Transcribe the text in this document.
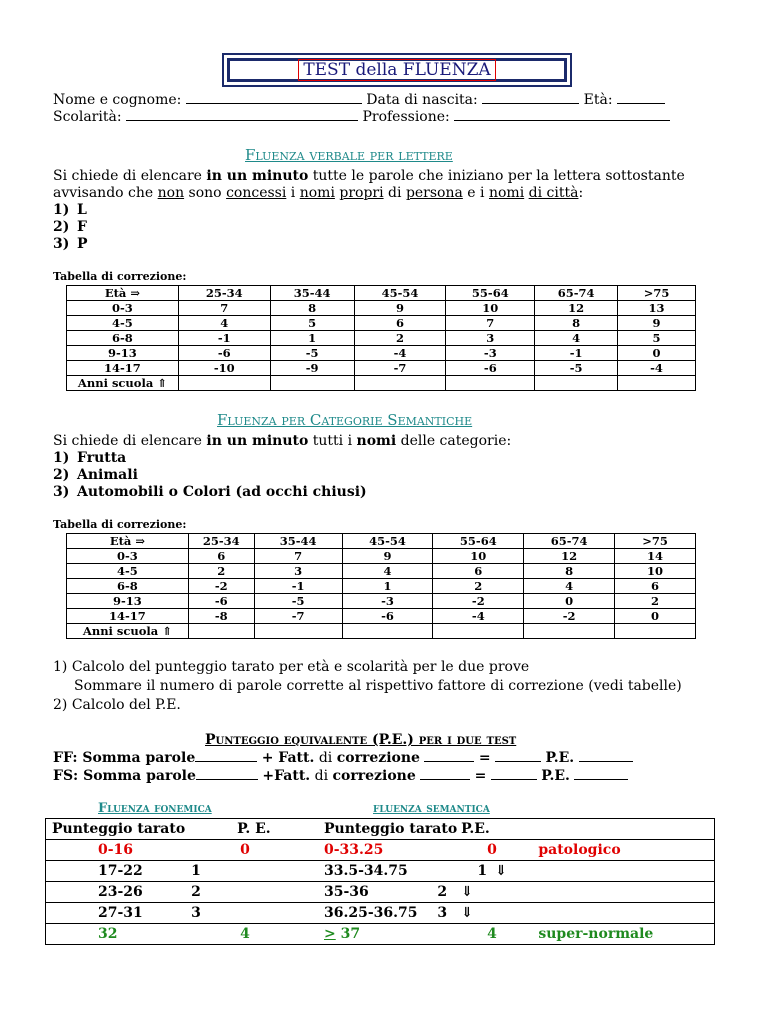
TEST della FLUENZA
Nome e cognome:	Data di nascita:	Età:
Scolarità:	Professione:
Fluenza verbale per lettere
Si chiede di elencare in un minuto tutte le parole che iniziano per la lettera sottostante
avvisando che non sono concessi i nomi propri di persona e i nomi di città:
1) L
2) F
3) P
Tabella di correzione:
Età ⇒	25-34	35-44	45-54	55-64	65-74	>75
0-3	7	8	9	10	12	13
4-5	4	5	6	7	8	9
6-8	-1	1	2	3	4	5
9-13	-6	-5	-4	-3	-1	0
14-17	-10	-9	-7	-6	-5	-4
Anni scuola ⇑						
Fluenza per Categorie Semantiche
Si chiede di elencare in un minuto tutti i nomi delle categorie:
1) Frutta
2) Animali
3) Automobili o Colori (ad occhi chiusi)
Tabella di correzione:
Età ⇒	25-34	35-44	45-54	55-64	65-74	>75
0-3	6	7	9	10	12	14
4-5	2	3	4	6	8	10
6-8	-2	-1	1	2	4	6
9-13	-6	-5	-3	-2	0	2
14-17	-8	-7	-6	-4	-2	0
Anni scuola ⇑						
1) Calcolo del punteggio tarato per età e scolarità per le due prove
Sommare il numero di parole corrette al rispettivo fattore di correzione (vedi tabelle)
2) Calcolo del P.E.
Punteggio equivalente (P.E.) per i due test
FF: Somma parole	+ Fatt. di correzione	=	P.E.
FS: Somma parole	+Fatt. di correzione	=	P.E.
Fluenza fonemica	fluenza semantica
Punteggio tarato	P. E.	Punteggio tarato	P.E.	
0-16	0	0-33.25	0	patologico
17-22	1	33.5-34.75	1 ⇓	
23-26	2	35-36	2 ⇓	
27-31	3	36.25-36.75	3 ⇓	
32	4	≥ 37	4	super-normale
